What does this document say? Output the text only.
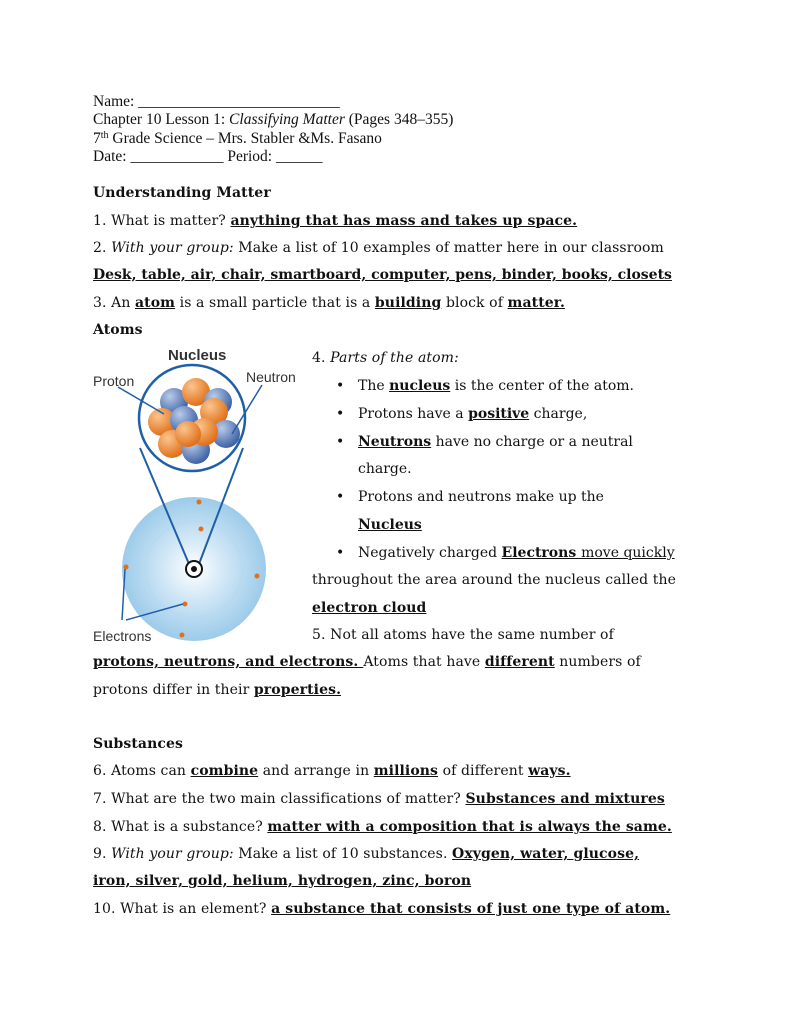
Name: __________________________
Chapter 10 Lesson 1: Classifying Matter (Pages 348–355)
7th Grade Science – Mrs. Stabler &Ms. Fasano
Date: ____________ Period: ______
Understanding Matter
1. What is matter? anything that has mass and takes up space.
2. With your group: Make a list of 10 examples of matter here in our classroom
Desk, table, air, chair, smartboard, computer, pens, binder, books, closets
3. An atom is a small particle that is a building block of matter.
Atoms
Nucleus
Proton	Neutron
Electrons
4. Parts of the atom:
• The nucleus is the center of the atom.
• Protons have a positive charge,
• Neutrons have no charge or a neutral
charge.
• Protons and neutrons make up the
Nucleus
• Negatively charged Electrons move quickly
throughout the area around the nucleus called the
electron cloud
5. Not all atoms have the same number of
protons, neutrons, and electrons. Atoms that have different numbers of
protons differ in their properties.
Substances
6. Atoms can combine and arrange in millions of different ways.
7. What are the two main classifications of matter? Substances and mixtures
8. What is a substance? matter with a composition that is always the same.
9. With your group: Make a list of 10 substances. Oxygen, water, glucose,
iron, silver, gold, helium, hydrogen, zinc, boron
10. What is an element? a substance that consists of just one type of atom.
